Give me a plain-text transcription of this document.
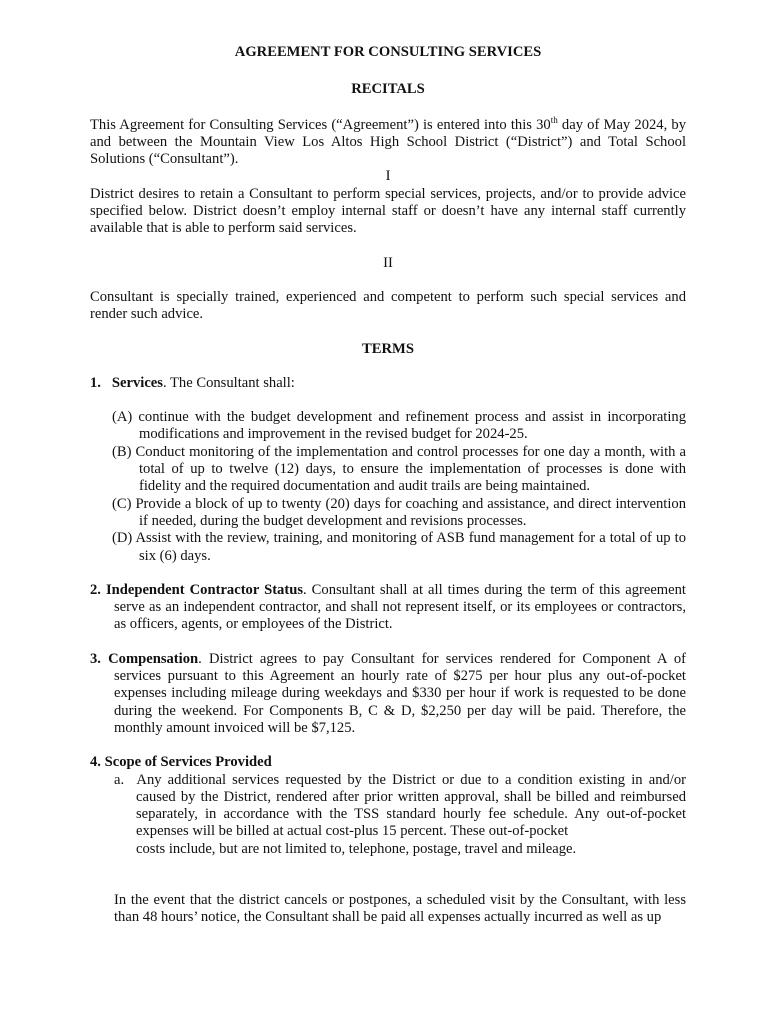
AGREEMENT FOR CONSULTING SERVICES

RECITALS

This Agreement for Consulting Services (“Agreement”) is entered into this 30th day of May 2024, by and between the Mountain View Los Altos High School District (“District”) and Total School Solutions (“Consultant”).

I

District desires to retain a Consultant to perform special services, projects, and/or to provide advice specified below. District doesn’t employ internal staff or doesn’t have any internal staff currently available that is able to perform said services.

II

Consultant is specially trained, experienced and competent to perform such special services and render such advice.

TERMS

1. Services. The Consultant shall:

(A) continue with the budget development and refinement process and assist in incorporating modifications and improvement in the revised budget for 2024-25.
(B) Conduct monitoring of the implementation and control processes for one day a month, with a total of up to twelve (12) days, to ensure the implementation of processes is done with fidelity and the required documentation and audit trails are being maintained.
(C) Provide a block of up to twenty (20) days for coaching and assistance, and direct intervention if needed, during the budget development and revisions processes.
(D) Assist with the review, training, and monitoring of ASB fund management for a total of up to six (6) days.

2. Independent Contractor Status. Consultant shall at all times during the term of this agreement serve as an independent contractor, and shall not represent itself, or its employees or contractors, as officers, agents, or employees of the District.

3. Compensation. District agrees to pay Consultant for services rendered for Component A of services pursuant to this Agreement an hourly rate of $275 per hour plus any out-of-pocket expenses including mileage during weekdays and $330 per hour if work is requested to be done during the weekend. For Components B, C & D, $2,250 per day will be paid. Therefore, the monthly amount invoiced will be $7,125.

4. Scope of Services Provided

a.  Any additional services requested by the District or due to a condition existing in and/or caused by the District, rendered after prior written approval, shall be billed and reimbursed separately, in accordance with the TSS standard hourly fee schedule. Any out-of-pocket expenses will be billed at actual cost-plus 15 percent. These out-of-pocket
costs include, but are not limited to, telephone, postage, travel and mileage.

In the event that the district cancels or postpones, a scheduled visit by the Consultant, with less than 48 hours’ notice, the Consultant shall be paid all expenses actually incurred as well as up
